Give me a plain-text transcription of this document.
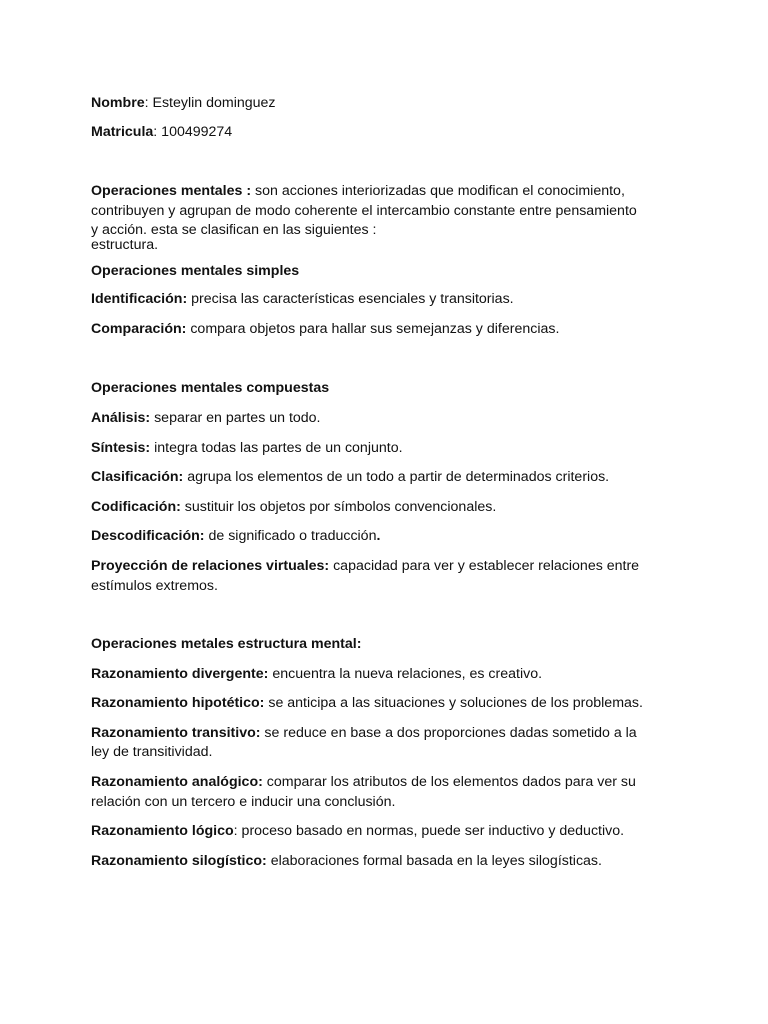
Nombre: Esteylin dominguez
Matricula: 100499274
Operaciones mentales : son acciones interiorizadas que modifican el conocimiento,
contribuyen y agrupan de modo coherente el intercambio constante entre pensamiento
y acción. esta se clasifican en las siguientes :
estructura.
Operaciones mentales simples
Identificación: precisa las características esenciales y transitorias.
Comparación: compara objetos para hallar sus semejanzas y diferencias.
Operaciones mentales compuestas
Análisis: separar en partes un todo.
Síntesis: integra todas las partes de un conjunto.
Clasificación: agrupa los elementos de un todo a partir de determinados criterios.
Codificación: sustituir los objetos por símbolos convencionales.
Descodificación: de significado o traducción.
Proyección de relaciones virtuales: capacidad para ver y establecer relaciones entre
estímulos extremos.
Operaciones metales estructura mental:
Razonamiento divergente: encuentra la nueva relaciones, es creativo.
Razonamiento hipotético: se anticipa a las situaciones y soluciones de los problemas.
Razonamiento transitivo: se reduce en base a dos proporciones dadas sometido a la
ley de transitividad.
Razonamiento analógico: comparar los atributos de los elementos dados para ver su
relación con un tercero e inducir una conclusión.
Razonamiento lógico: proceso basado en normas, puede ser inductivo y deductivo.
Razonamiento silogístico: elaboraciones formal basada en la leyes silogísticas.
